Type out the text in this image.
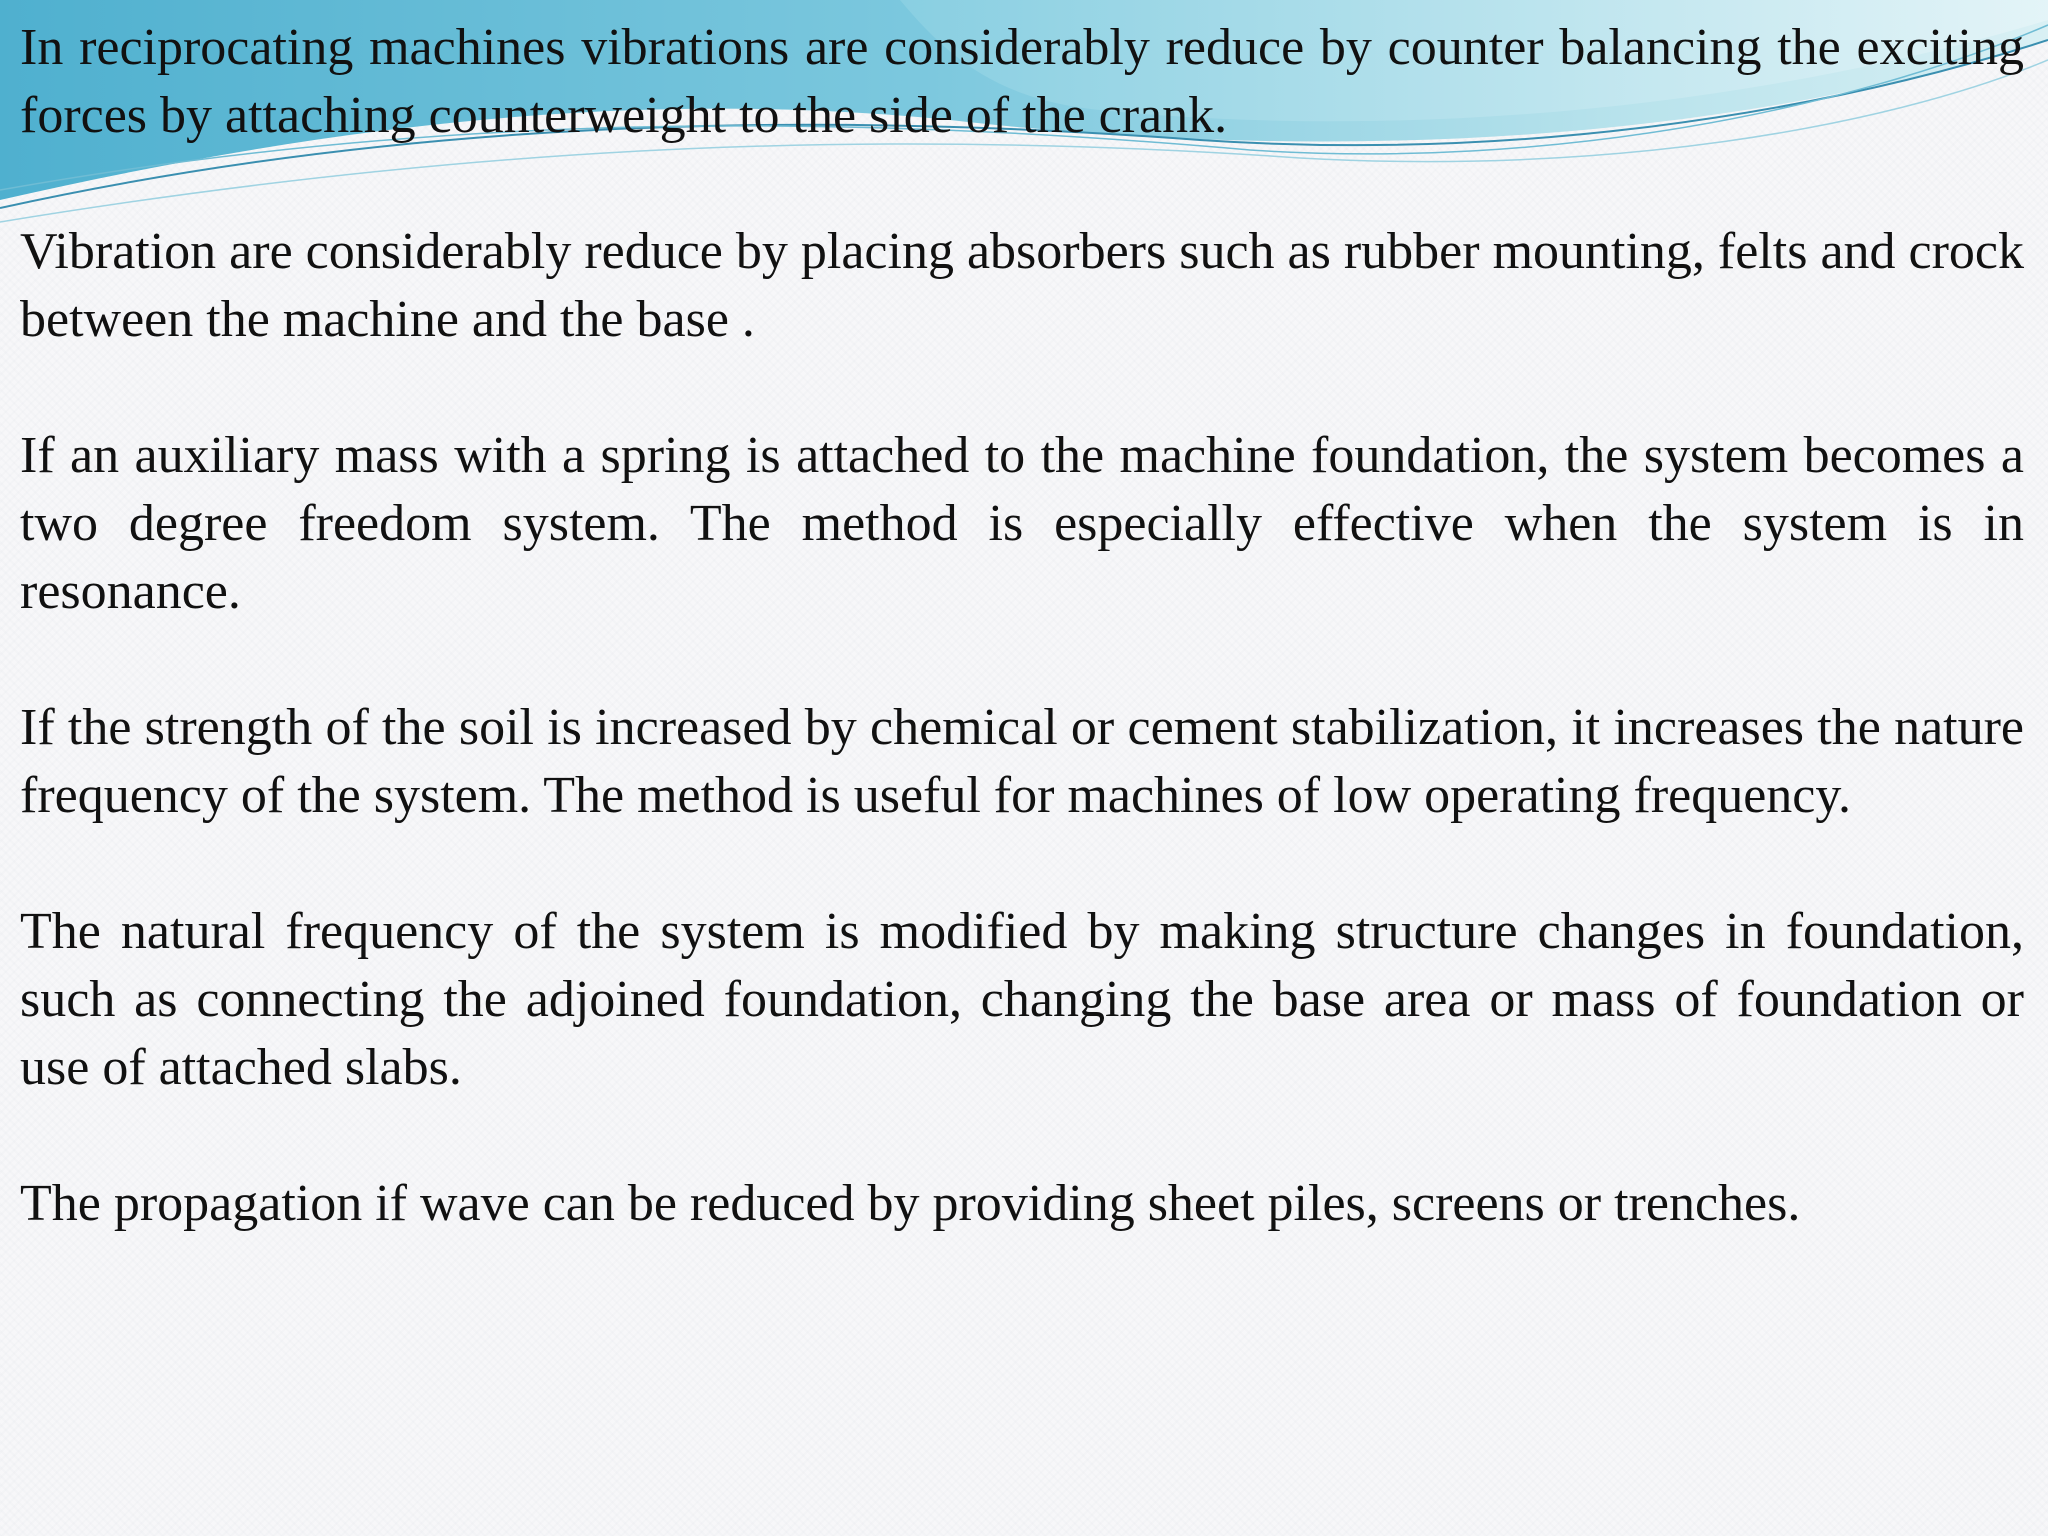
In reciprocating machines vibrations are considerably reduce by counter balancing the exciting forces by attaching counterweight to the side of the crank.

Vibration are considerably reduce by placing absorbers such as rubber mounting, felts and crock between the machine and the base .

If an auxiliary mass with a spring is attached to the machine foundation, the system becomes a two degree freedom system. The method is especially effective when the system is in resonance.

If the strength of the soil is increased by chemical or cement stabilization, it increases the nature frequency of the system. The method is useful for machines of low operating frequency.

The natural frequency of the system is modified by making structure changes in foundation, such as connecting the adjoined foundation, changing the base area or mass of foundation or use of attached slabs.

The propagation if wave can be reduced by providing sheet piles, screens or trenches.
